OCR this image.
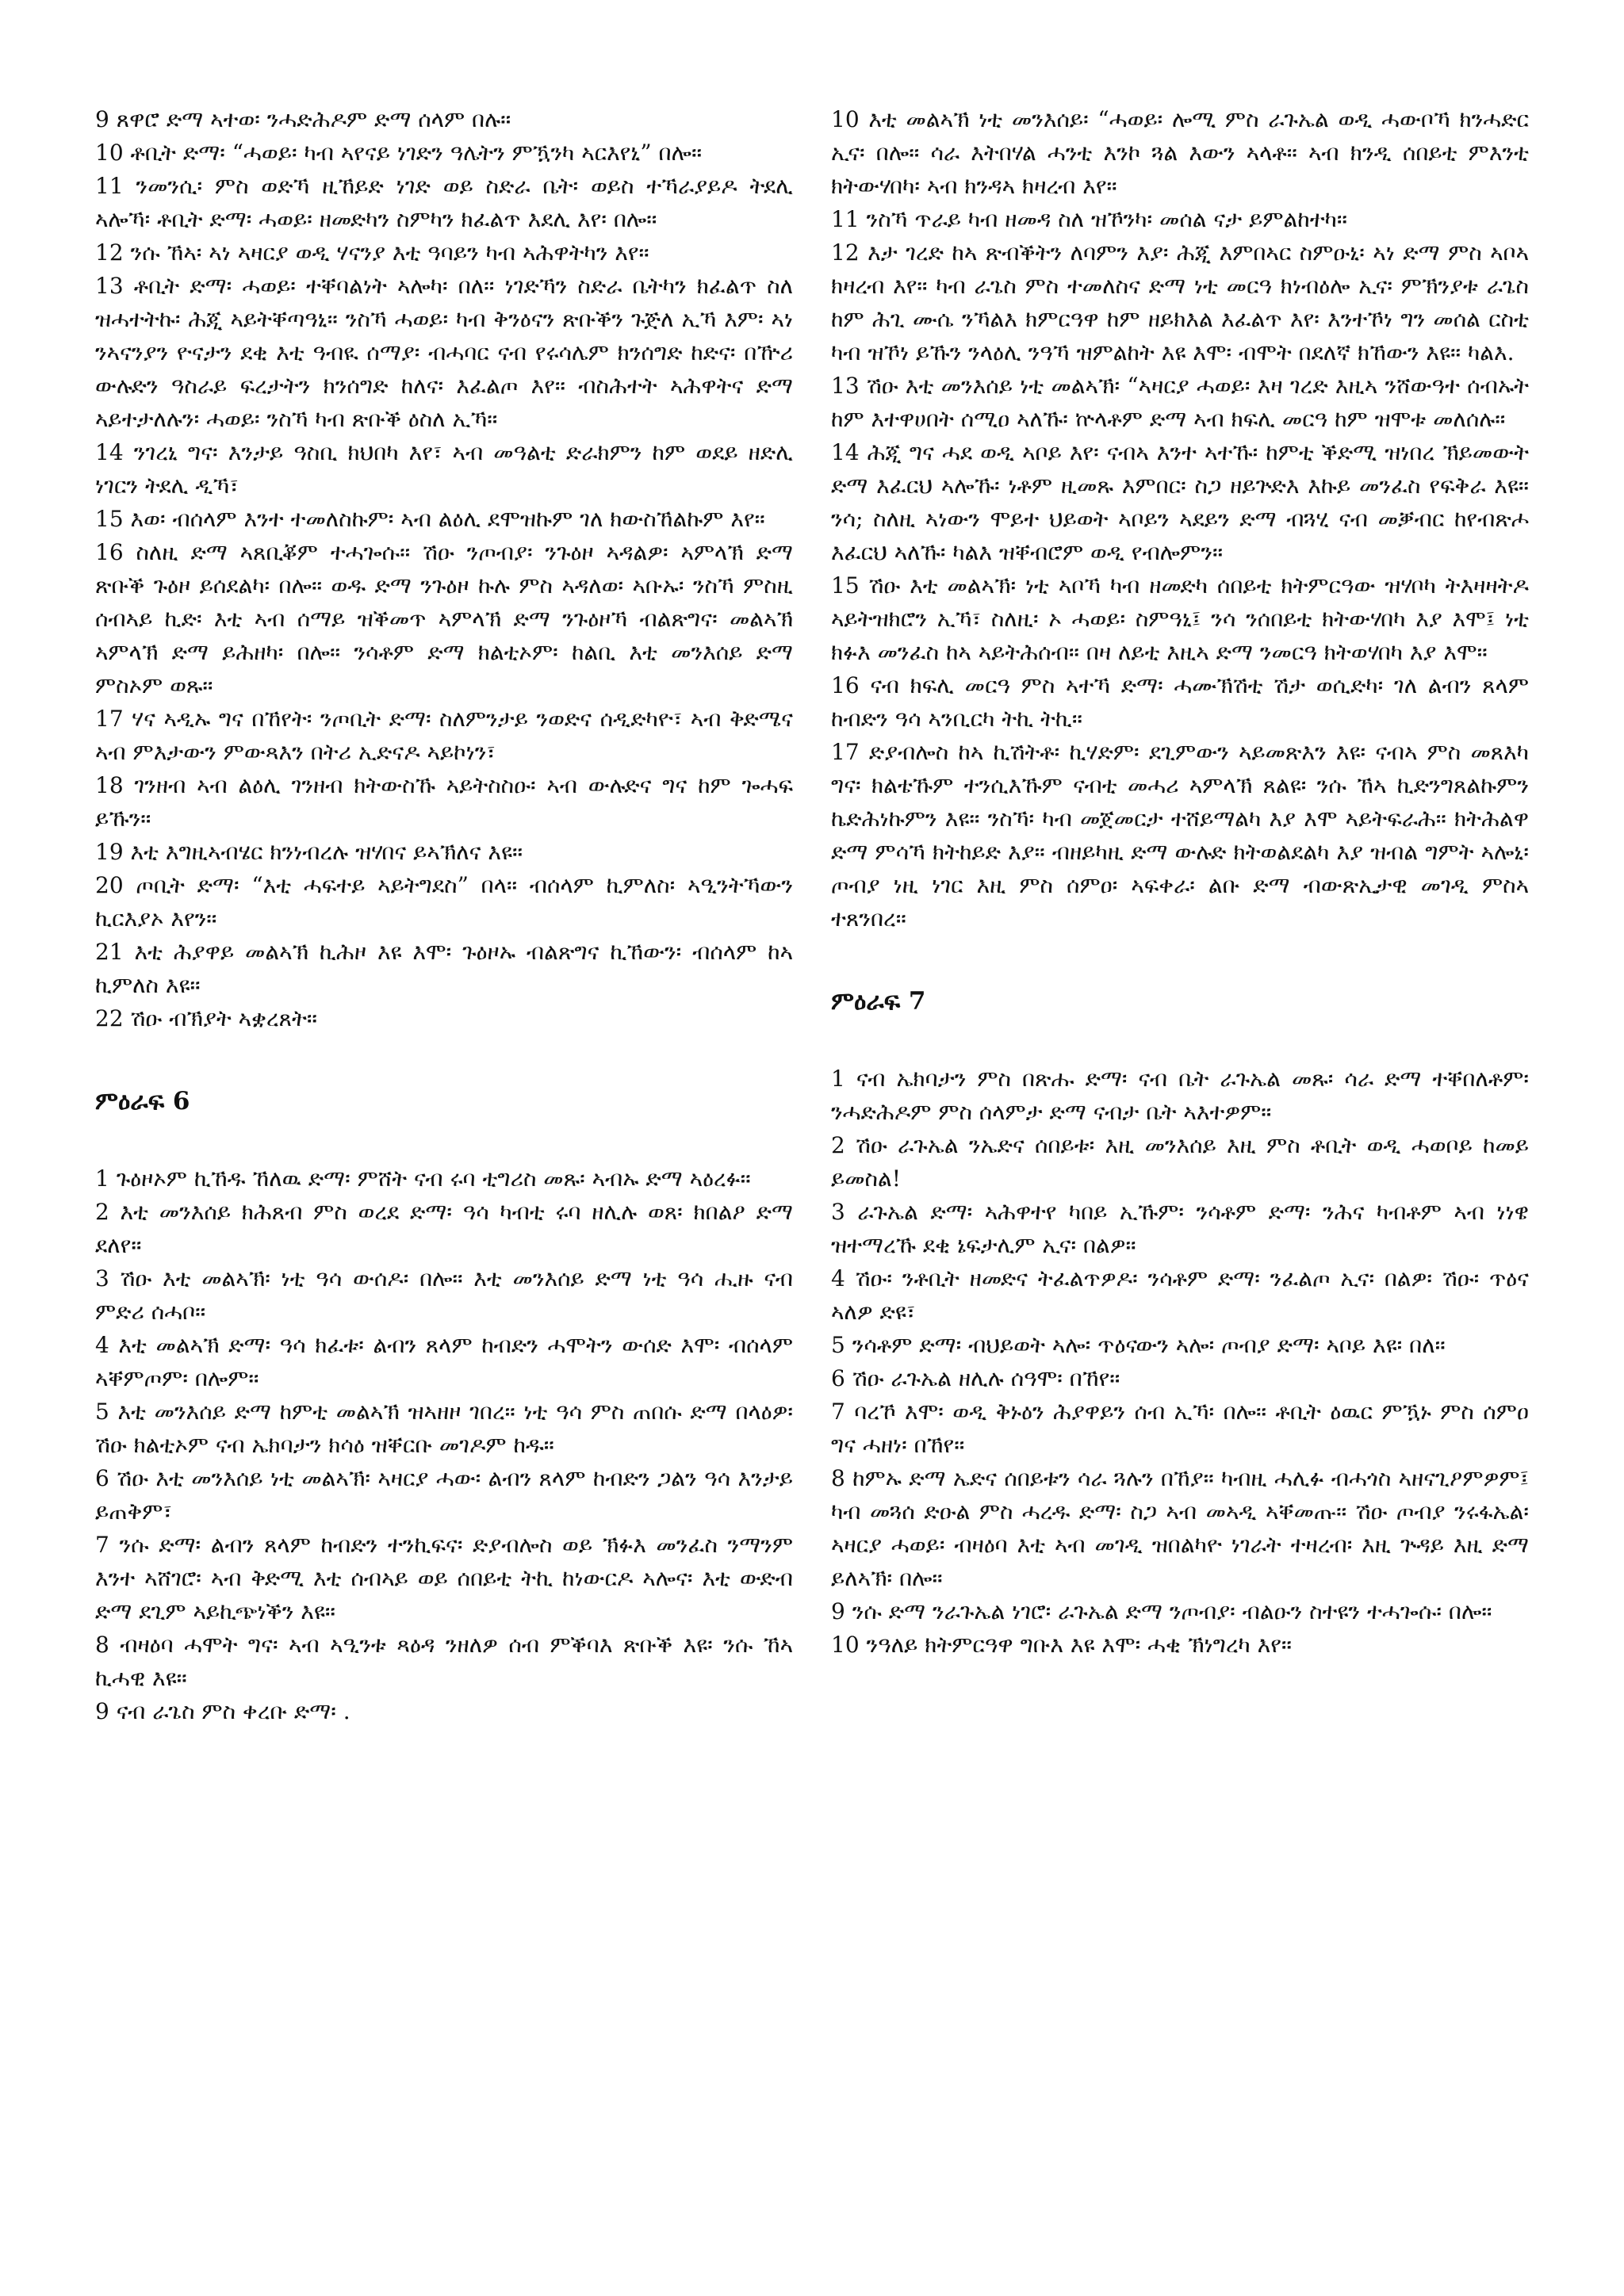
9 ጸዋሮ ድማ ኣተወ፡ ንሓድሕዶም ድማ ሰላም በሉ።

10 ቶቢት ድማ፡ “ሓወይ፡ ካብ ኣየናይ ነገድን ዓሌትን ምዃንካ ኣርእየኒ” በሎ።

11 ንመንሲ፡ ምስ ወድኻ ዚኸይድ ነገድ ወይ ስድራ ቤት፡ ወይስ ተኻራያይዶ ትደሊ ኣሎኻ፡ ቶቢት ድማ፡ ሓወይ፡ ዘመድካን ስምካን ክፈልጥ እደሊ እየ፡ በሎ።

12 ንሱ ኸኣ፡ ኣነ ኣዛርያ ወዲ ሃናንያ እቲ ዓባይን ካብ ኣሕዋትካን እየ።

13 ቶቢት ድማ፡ ሓወይ፡ ተቐባልነት ኣሎካ፡ በለ፡፡ ነገድኻን ስድራ ቤትካን ክፈልጥ ስለ ዝሓተትኩ፡ ሕጂ ኣይትቐጣዓኒ። ንስኻ ሓወይ፡ ካብ ቅንዕናን ጽቡቕን ጉጅለ ኢኻ እም፡ ኣነ ንኣናንያን ዮናታን ደቂ እቲ ዓብዪ ሰማያ፡ ብሓባር ናብ የሩሳሌም ክንሰግድ ከድና፡ በዅሪ ውሉድን ዓስራይ ፍረታትን ክንሰግድ ከለና፡ እፈልጦ እየ። ብስሕተት ኣሕዋትና ድማ ኣይተታለሉን፡ ሓወይ፡ ንስኻ ካብ ጽቡቕ ዕስለ ኢኻ።

14 ንገረኒ ግና፡ እንታይ ዓስቢ ክህበካ እየ፣ ኣብ መዓልቲ ድራክምን ከም ወደይ ዘድሊ ነገርን ትደሊ ዲኻ፣

15 እወ፡ ብሰላም እንተ ተመለስኩም፡ ኣብ ልዕሊ ደሞዝኩም ገለ ክውስኸልኩም እየ።

16 ስለዚ ድማ ኣጸቢቖም ተሓጐሱ። ሽዑ ንጦብያ፡ ንጉዕዞ ኣዳልዎ፡ ኣምላኽ ድማ ጽቡቕ ጉዕዞ ይሰደልካ፡ በሎ። ወዱ ድማ ንጉዕዞ ኩሉ ምስ ኣዳለወ፡ ኣቡኡ፡ ንስኻ ምስዚ ሰብኣይ ኪድ፡ እቲ ኣብ ሰማይ ዝቕመጥ ኣምላኽ ድማ ንጉዕዞኻ ብልጽግና፡ መልኣኽ ኣምላኽ ድማ ይሕዘካ፡ በሎ። ንሳቶም ድማ ክልቲኦም፡ ከልቢ እቲ መንእሰይ ድማ ምስኦም ወጹ።

17 ሃና ኣዲኡ ግና በኸየት፡ ንጦቢት ድማ፡ ስለምንታይ ንወድና ሰዲድካዮ፣ ኣብ ቅድሜና ኣብ ምእታውን ምውጻእን በትሪ ኢድናዶ ኣይኮነን፣

18 ገንዘብ ኣብ ልዕሊ ገንዘብ ክትውስኹ ኣይትስስዑ፡ ኣብ ውሉድና ግና ከም ጐሓፍ ይኹን።

19 እቲ እግዚኣብሄር ክንነብረሉ ዝሃበና ይኣኽለና እዩ።

20 ጦቢት ድማ፡ “እቲ ሓፍተይ ኣይትግደስ” በላ። ብሰላም ኪምለስ፡ ኣዒንትኻውን ኪርእያኦ እየን።

21 እቲ ሕያዋይ መልኣኽ ኪሕዞ እዩ እሞ፡ ጉዕዞኡ ብልጽግና ኪኸውን፡ ብሰላም ከኣ ኪምለስ እዩ።

22 ሽዑ ብኽያት ኣቋረጸት።

ምዕራፍ 6

1 ጉዕዞኦም ኪኸዱ ኸለዉ ድማ፡ ምሸት ናብ ሩባ ቲግሪስ መጹ፡ ኣብኡ ድማ ኣዕረፉ።

2 እቲ መንእሰይ ክሕጸብ ምስ ወረደ ድማ፡ ዓሳ ካብቲ ሩባ ዘሊሉ ወጸ፡ ክበልዖ ድማ ደለየ።

3 ሽዑ እቲ መልኣኽ፡ ነቲ ዓሳ ውሰዶ፡ በሎ። እቲ መንእሰይ ድማ ነቲ ዓሳ ሒዙ ናብ ምድሪ ሰሓቦ።

4 እቲ መልኣኽ ድማ፡ ዓሳ ክፈቱ፡ ልብን ጸላም ከብድን ሓሞትን ውሰድ እሞ፡ ብሰላም ኣቐምጦም፡ በሎም።

5 እቲ መንእሰይ ድማ ከምቲ መልኣኽ ዝኣዘዞ ገበረ። ነቲ ዓሳ ምስ ጠበሱ ድማ በላዕዎ፡ ሽዑ ክልቲኦም ናብ ኤክባታን ክሳዕ ዝቐርቡ መገዶም ከዱ።

6 ሽዑ እቲ መንእሰይ ነቲ መልኣኽ፡ ኣዛርያ ሓው፡ ልብን ጸላም ከብድን ጋልን ዓሳ እንታይ ይጠቅም፣

7 ንሱ ድማ፡ ልብን ጸላም ከብድን ተንኪፍና፡ ድያብሎስ ወይ ኽፉእ መንፈስ ንማንም እንተ ኣሸገሮ፡ ኣብ ቅድሚ እቲ ሰብኣይ ወይ ሰበይቲ ትኪ ከነውርዶ ኣሎና፡ እቲ ውድብ ድማ ደጊም ኣይኪጭነቕን እዩ።

8 ብዛዕባ ሓሞት ግና፡ ኣብ ኣዒንቱ ጻዕዳ ንዘለዎ ሰብ ምቕባእ ጽቡቕ እዩ፡ ንሱ ኸኣ ኪሓዊ እዩ።

9 ናብ ራጌስ ምስ ቀረቡ ድማ፡ .

10 እቲ መልኣኽ ነቲ መንእሰይ፡ “ሓወይ፡ ሎሚ ምስ ራጉኤል ወዲ ሓውቦኻ ክንሓድር ኢና፡ በሎ። ሳራ እትበሃል ሓንቲ እንኮ ጓል እውን ኣላቶ። ኣብ ክንዲ ሰበይቲ ምእንቲ ክትውሃበካ፡ ኣብ ክንዳኣ ክዛረብ እየ።

11 ንስኻ ጥራይ ካብ ዘመዳ ስለ ዝኾንካ፡ መሰል ናታ ይምልከተካ።

12 እታ ገረድ ከኣ ጽብቕትን ለባምን እያ፡ ሕጂ እምበኣር ስምዑኒ፡ ኣነ ድማ ምስ ኣቦኣ ክዛረብ እየ። ካብ ራጌስ ምስ ተመለስና ድማ ነቲ መርዓ ክነብዕሎ ኢና፡ ምኽንያቱ ራጌስ ከም ሕጊ ሙሴ ንኻልእ ክምርዓዋ ከም ዘይክእል እፈልጥ እየ፡ እንተኾነ ግን መሰል ርስቲ ካብ ዝኾነ ይኹን ንላዕሊ ንዓኻ ዝምልከት እዩ እሞ፡ ብሞት በደለኛ ክኸውን እዩ። ካልእ.

13 ሽዑ እቲ መንእሰይ ነቲ መልኣኽ፡ “ኣዛርያ ሓወይ፡ እዛ ገረድ እዚኣ ንሸውዓተ ሰብኡት ከም እተዋሀበት ሰሚዐ ኣለኹ፡ ኵላቶም ድማ ኣብ ክፍሊ መርዓ ከም ዝሞቱ መለሰሉ።

14 ሕጂ ግና ሓደ ወዲ ኣቦይ እየ፡ ናብኣ እንተ ኣተኹ፡ ከምቲ ቕድሚ ዝነበረ ኽይመውት ድማ እፈርህ ኣሎኹ፡ ነቶም ዚመጹ እምበር፡ ስጋ ዘይጕድእ እኩይ መንፈስ የፍቅራ እዩ። ንሳ; ስለዚ ኣነውን ሞይተ ህይወት ኣቦይን ኣደይን ድማ ብጓሂ ናብ መቓብር ከየብጽሖ እፈርህ ኣለኹ፡ ካልእ ዝቐብሮም ወዲ የብሎምን።

15 ሽዑ እቲ መልኣኽ፡ ነቲ ኣቦኻ ካብ ዘመድካ ሰበይቲ ክትምርዓው ዝሃቦካ ትእዛዛትዶ ኣይትዝክሮን ኢኻ፣ ስለዚ፡ ኦ ሓወይ፡ ስምዓኒ፤ ንሳ ንሰበይቲ ክትውሃበካ እያ እሞ፤ ነቲ ክፉእ መንፈስ ከኣ ኣይትሕሰብ። በዛ ለይቲ እዚኣ ድማ ንመርዓ ክትወሃበካ እያ እሞ።

16 ናብ ክፍሊ መርዓ ምስ ኣተኻ ድማ፡ ሓሙኽሽቲ ሽታ ወሲድካ፡ ገለ ልብን ጸላም ከብድን ዓሳ ኣንቢርካ ትኪ ትኪ።

17 ድያብሎስ ከኣ ኪሽትቶ፡ ኪሃድም፡ ደጊምውን ኣይመጽእን እዩ፡ ናብኣ ምስ መጸእካ ግና፡ ክልቴኹም ተንሲእኹም ናብቲ መሓሪ ኣምላኽ ጸልዩ፡ ንሱ ኸኣ ኪድንግጸልኩምን ኬድሕነኩምን እዩ። ንስኻ፡ ካብ መጀመርታ ተሸይማልካ እያ እሞ ኣይትፍራሕ። ክትሕልዋ ድማ ምሳኻ ክትከይድ እያ። ብዘይካዚ ድማ ውሉድ ክትወልደልካ እያ ዝብል ግምት ኣሎኒ፡ ጦብያ ነዚ ነገር እዚ ምስ ሰምዐ፡ ኣፍቀራ፡ ልቡ ድማ ብውጽኢታዊ መገዲ ምስኣ ተጸንበረ።

ምዕራፍ 7

1 ናብ ኤክባታን ምስ በጽሑ ድማ፡ ናብ ቤት ራጉኤል መጹ፡ ሳራ ድማ ተቐበለቶም፡ ንሓድሕዶም ምስ ሰላምታ ድማ ናብታ ቤት ኣእተዎም።

2 ሽዑ ራጉኤል ንኤድና ሰበይቱ፡ እዚ መንእሰይ እዚ ምስ ቶቢት ወዲ ሓወቦይ ከመይ ይመስል!

3 ራጉኤል ድማ፡ ኣሕዋተየ ካበይ ኢኹም፡ ንሳቶም ድማ፡ ንሕና ካብቶም ኣብ ነነዌ ዝተማረኹ ደቂ ኔፍታሊም ኢና፡ በልዎ።

4 ሽዑ፡ ንቶቢት ዘመድና ትፈልጥዎዶ፡ ንሳቶም ድማ፡ ንፈልጦ ኢና፡ በልዎ፡ ሽዑ፡ ጥዕና ኣለዎ ድዩ፣

5 ንሳቶም ድማ፡ ብህይወት ኣሎ፡ ጥዕናውን ኣሎ፡ ጦብያ ድማ፡ ኣቦይ እዩ፡ በለ።

6 ሽዑ ራጉኤል ዘሊሉ ሰዓሞ፡ በኸየ።

7 ባረኾ እሞ፡ ወዲ ቅኑዕን ሕያዋይን ሰብ ኢኻ፡ በሎ። ቶቢት ዕዉር ምዃኑ ምስ ሰምዐ ግና ሓዘነ፡ በኸየ።

8 ከምኡ ድማ ኤድና ሰበይቱን ሳራ ጓሉን በኸያ። ካብዚ ሓሊፉ ብሓጎስ ኣዘናጊዖምዎም፤ ካብ መጓሰ ድዑል ምስ ሓረዱ ድማ፡ ስጋ ኣብ መኣዲ ኣቐመጡ። ሽዑ ጦብያ ንሩፋኤል፡ ኣዛርያ ሓወይ፡ ብዛዕባ እቲ ኣብ መገዲ ዝበልካዮ ነገራት ተዛረብ፡ እዚ ጕዳይ እዚ ድማ ይለኣኽ፡ በሎ።

9 ንሱ ድማ ንራጉኤል ነገሮ፡ ራጉኤል ድማ ንጦብያ፡ ብልዑን ስተዩን ተሓጐሱ፡ በሎ።

10 ንዓለይ ክትምርዓዋ ግቡእ እዩ እሞ፡ ሓቂ ኽነግረካ እየ።
